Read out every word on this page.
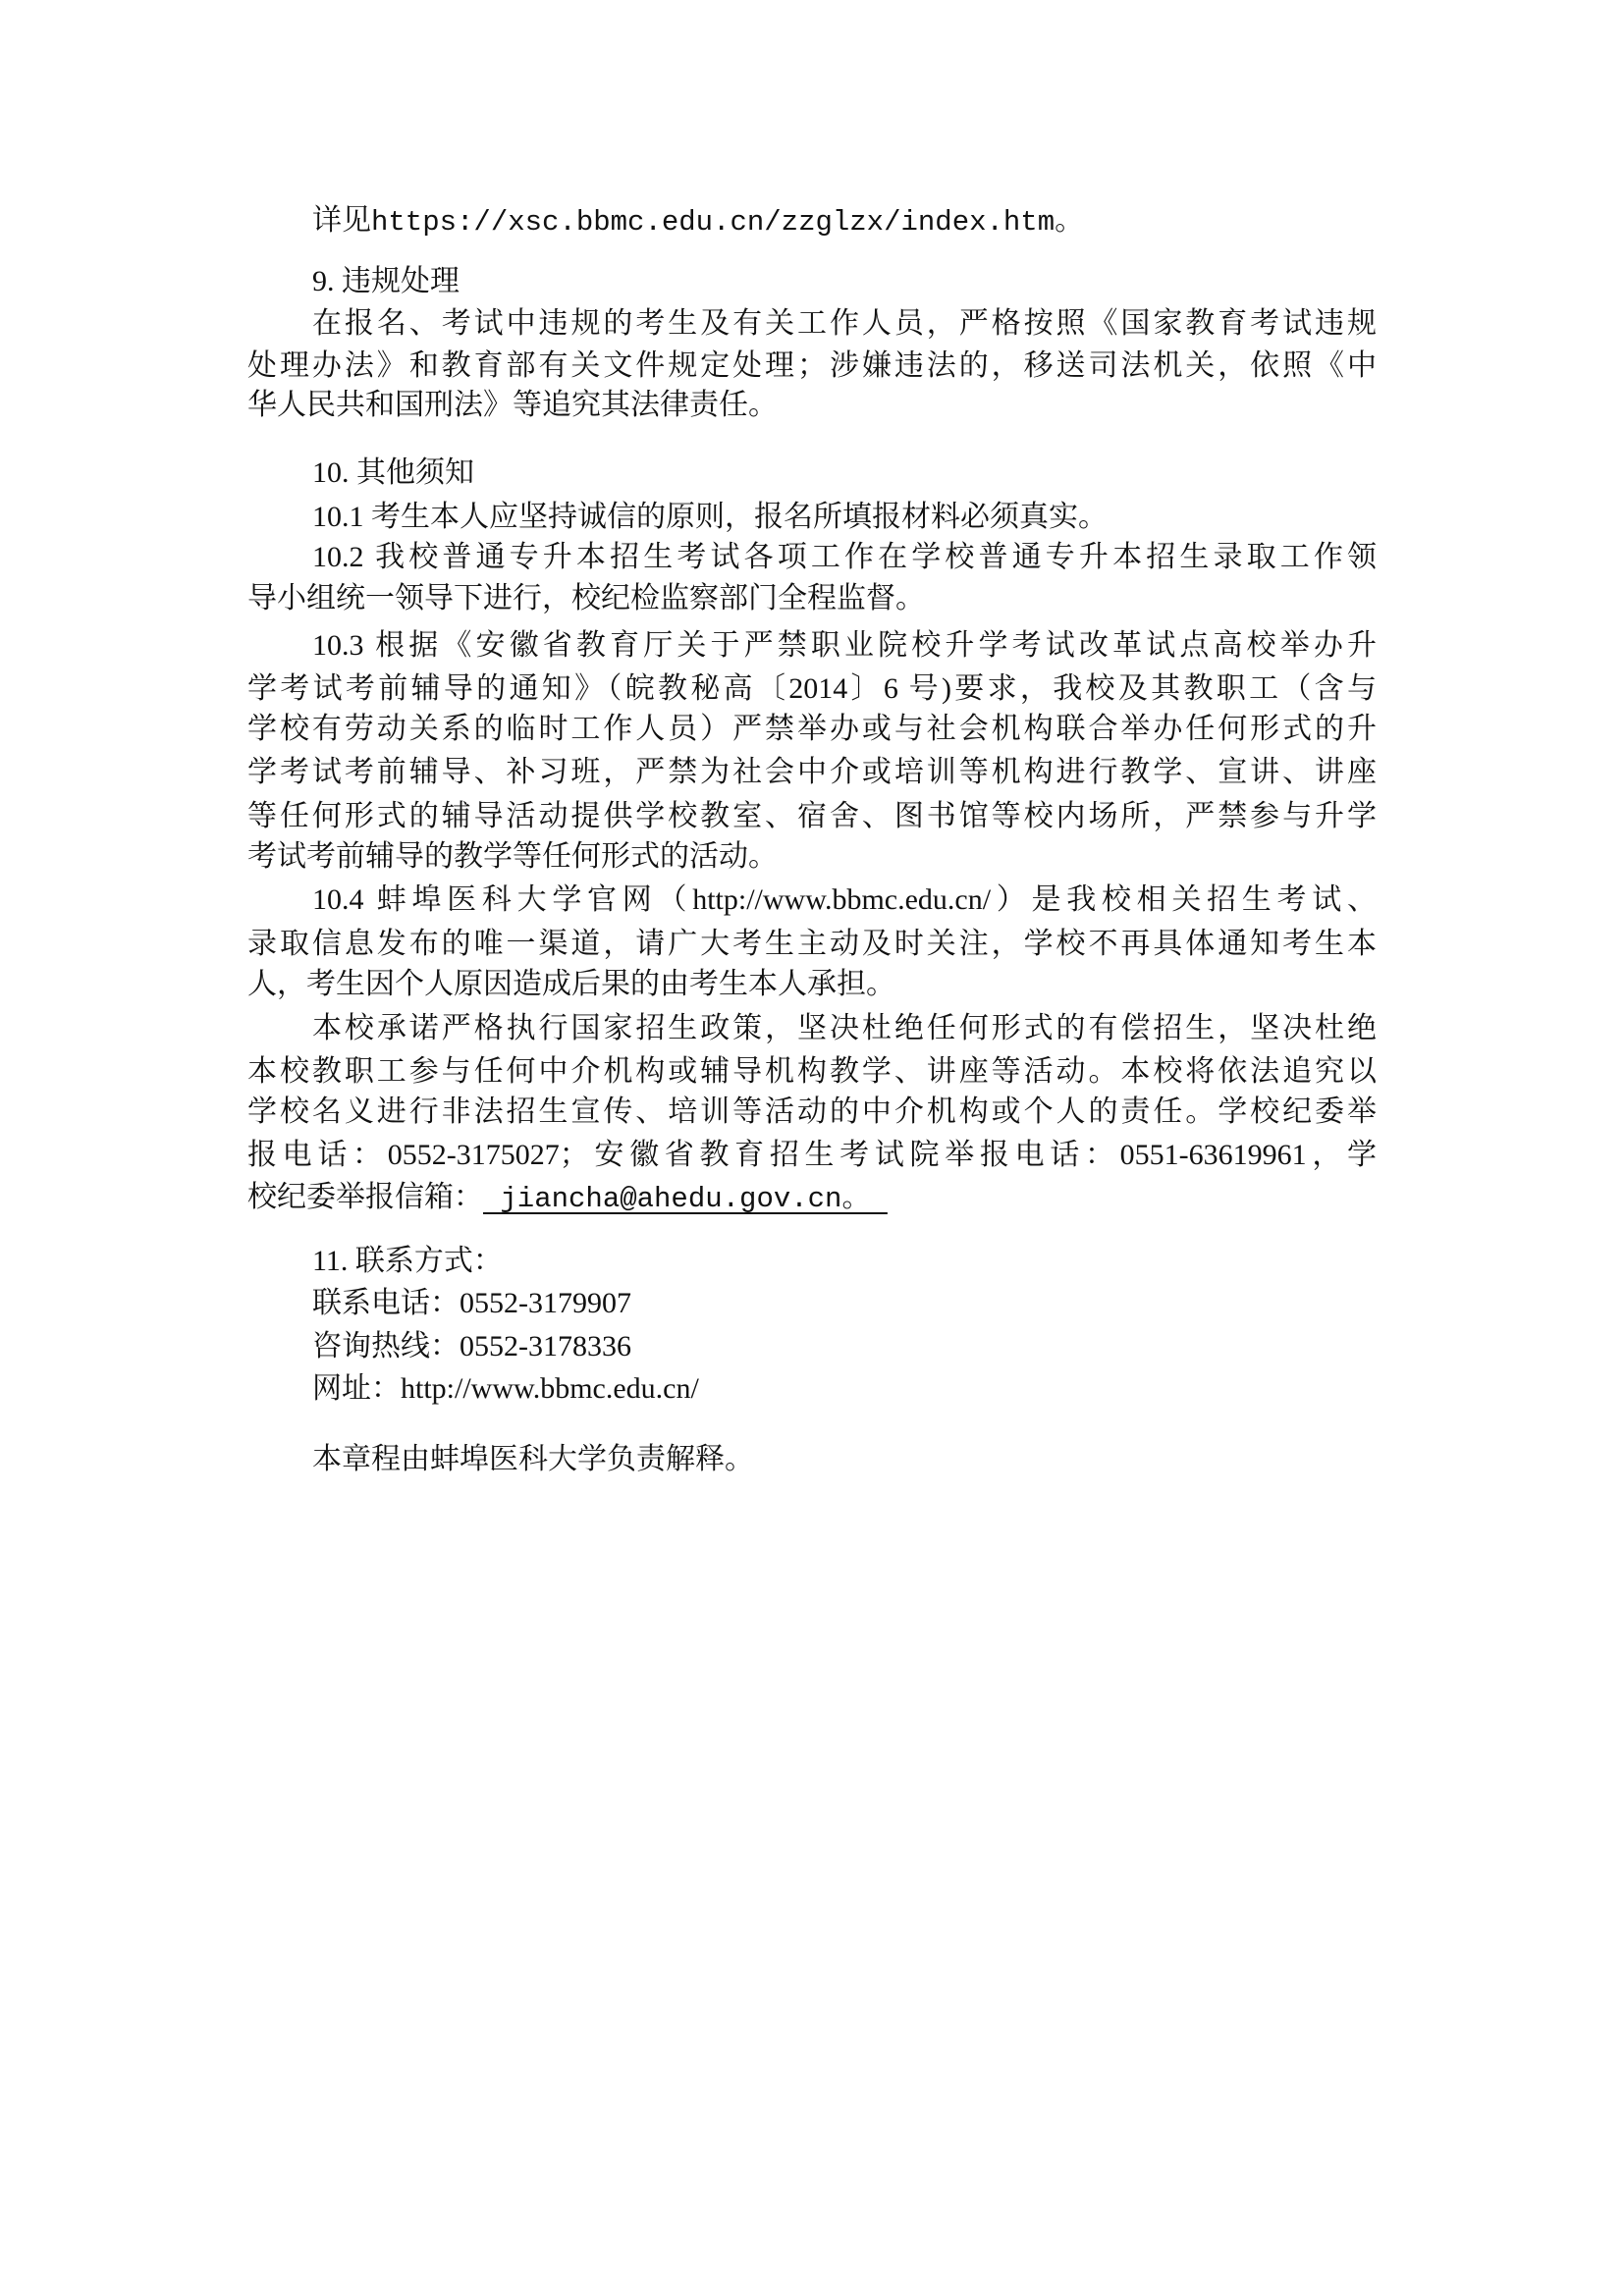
详见https://xsc.bbmc.edu.cn/zzglzx/index.htm。
9. 违规处理
在报名、考试中违规的考生及有关工作人员，严格按照《国家教育考试违规
处理办法》和教育部有关文件规定处理；涉嫌违法的，移送司法机关，依照《中
华人民共和国刑法》等追究其法律责任。
10. 其他须知
10.1 考生本人应坚持诚信的原则，报名所填报材料必须真实。
10.2 我校普通专升本招生考试各项工作在学校普通专升本招生录取工作领
导小组统一领导下进行，校纪检监察部门全程监督。
10.3 根据《安徽省教育厅关于严禁职业院校升学考试改革试点高校举办升
学考试考前辅导的通知》（皖教秘高〔2014〕6 号)要求，我校及其教职工（含与
学校有劳动关系的临时工作人员）严禁举办或与社会机构联合举办任何形式的升
学考试考前辅导、补习班，严禁为社会中介或培训等机构进行教学、宣讲、讲座
等任何形式的辅导活动提供学校教室、宿舍、图书馆等校内场所，严禁参与升学
考试考前辅导的教学等任何形式的活动。
10.4 蚌埠医科大学官网（http://www.bbmc.edu.cn/）是我校相关招生考试、
录取信息发布的唯一渠道，请广大考生主动及时关注，学校不再具体通知考生本
人，考生因个人原因造成后果的由考生本人承担。
本校承诺严格执行国家招生政策，坚决杜绝任何形式的有偿招生，坚决杜绝
本校教职工参与任何中介机构或辅导机构教学、讲座等活动。本校将依法追究以
学校名义进行非法招生宣传、培训等活动的中介机构或个人的责任。学校纪委举
报电话：0552-3175027；安徽省教育招生考试院举报电话：0551-63619961，学
校纪委举报信箱： jiancha@ahedu.gov.cn。
11. 联系方式：
联系电话：0552-3179907
咨询热线：0552-3178336
网址：http://www.bbmc.edu.cn/
本章程由蚌埠医科大学负责解释。
